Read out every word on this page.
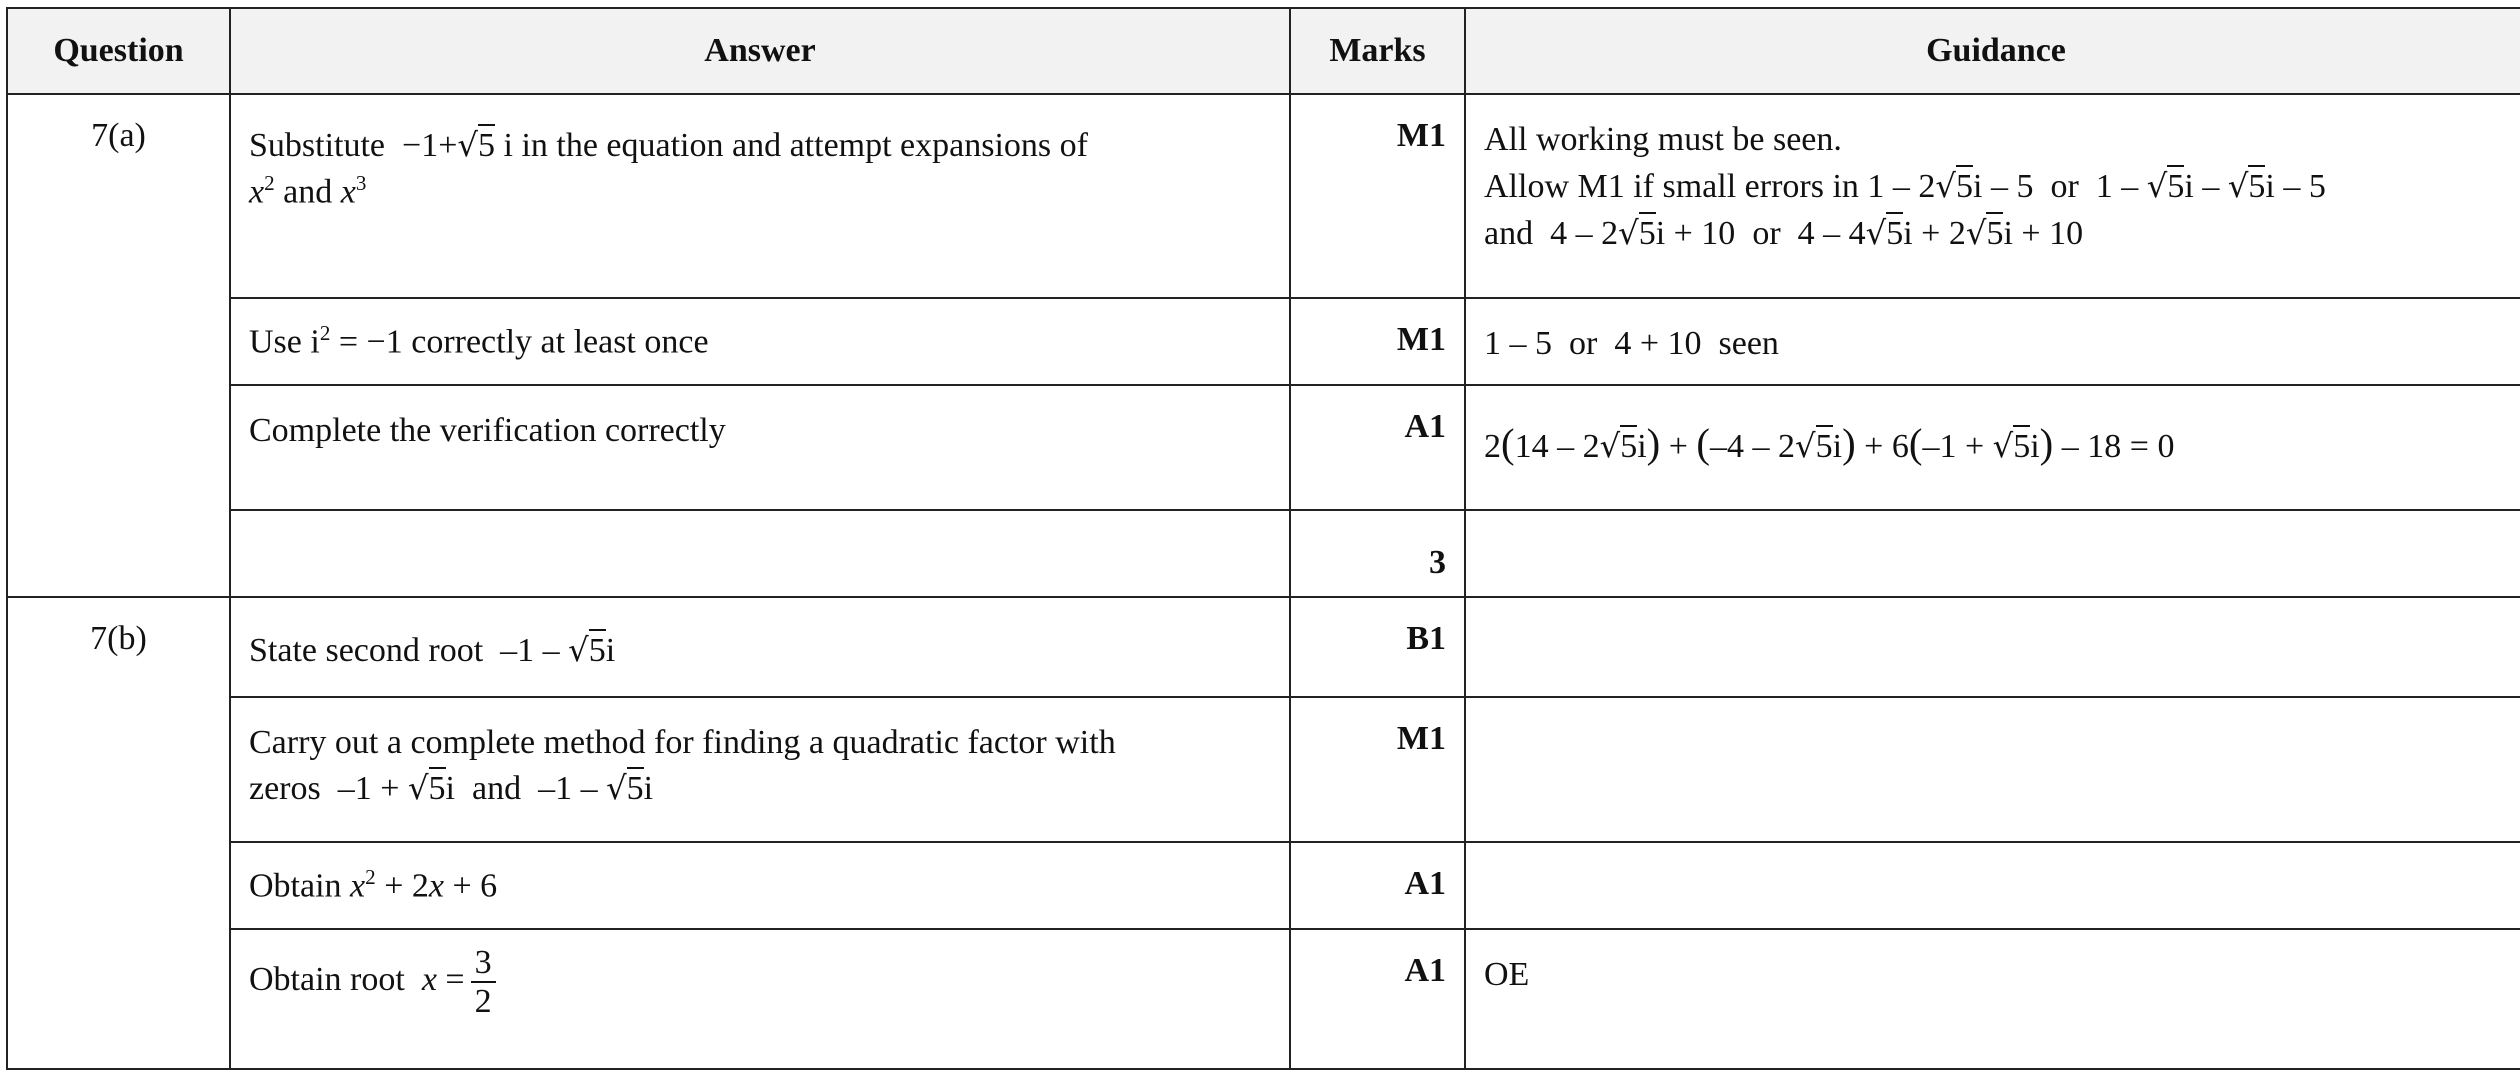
Question	Answer	Marks	Guidance
7(a)	Substitute −1+√5 i in the equation and attempt expansions of
$x^2$ and $x^3$	M1	All working must be seen.
Allow M1 if small errors in 1 – 2√5i – 5  or  1 – √5i – √5i – 5
and  4 – 2√5i + 10  or  4 – 4√5i + 2√5i + 10
	Use $i^2 = -1$ correctly at least once	M1	1 – 5  or  4 + 10  seen
	Complete the verification correctly	A1	2(14 – 2√5i) + (–4 – 2√5i) + 6(–1 + √5i) – 18 = 0
		3	
7(b)	State second root  –1 – √5i	B1	
	Carry out a complete method for finding a quadratic factor with
zeros  –1 + √5i  and  –1 – √5i	M1	
	Obtain $x^2 + 2x + 6$	A1	
	Obtain root $x = \frac{3}{2}$	A1	OE
